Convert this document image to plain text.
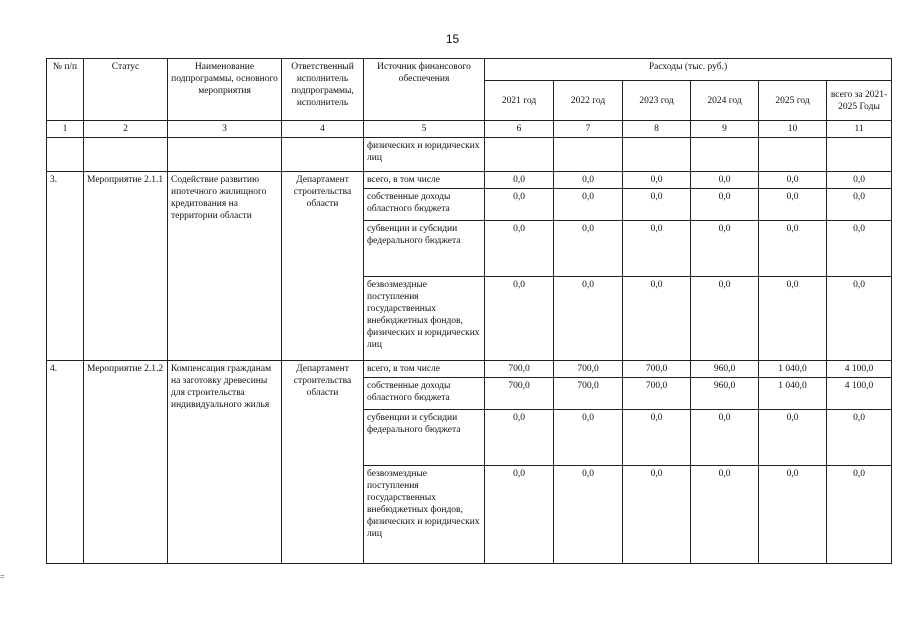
15
№ п/п	Статус	Наименование подпрограммы, основного мероприятия	Ответственный исполнитель подпрограммы, исполнитель	Источник финансового обеспечения	Расходы (тыс. руб.)					
					2021 год	2022 год	2023 год	2024 год	2025 год	всего за 2021-2025 Годы
1	2	3	4	5	6	7	8	9	10	11
				физических и юридических лиц						
3.	Мероприятие 2.1.1	Содействие развитию ипотечного жилищного кредитования на территории области	Департамент строительства области	всего, в том числе	0,0	0,0	0,0	0,0	0,0	0,0
				собственные доходы областного бюджета	0,0	0,0	0,0	0,0	0,0	0,0
				субвенции и субсидии федерального бюджета	0,0	0,0	0,0	0,0	0,0	0,0
				безвозмездные поступления государственных внебюджетных фондов, физических и юридических лиц	0,0	0,0	0,0	0,0	0,0	0,0
4.	Мероприятие 2.1.2	Компенсация гражданам на заготовку древесины для строительства индивидуального жилья	Департамент строительства области	всего, в том числе	700,0	700,0	700,0	960,0	1 040,0	4 100,0
				собственные доходы областного бюджета	700,0	700,0	700,0	960,0	1 040,0	4 100,0
				субвенции и субсидии федерального бюджета	0,0	0,0	0,0	0,0	0,0	0,0
				безвозмездные поступления государственных внебюджетных фондов, физических и юридических лиц	0,0	0,0	0,0	0,0	0,0	0,0
=
